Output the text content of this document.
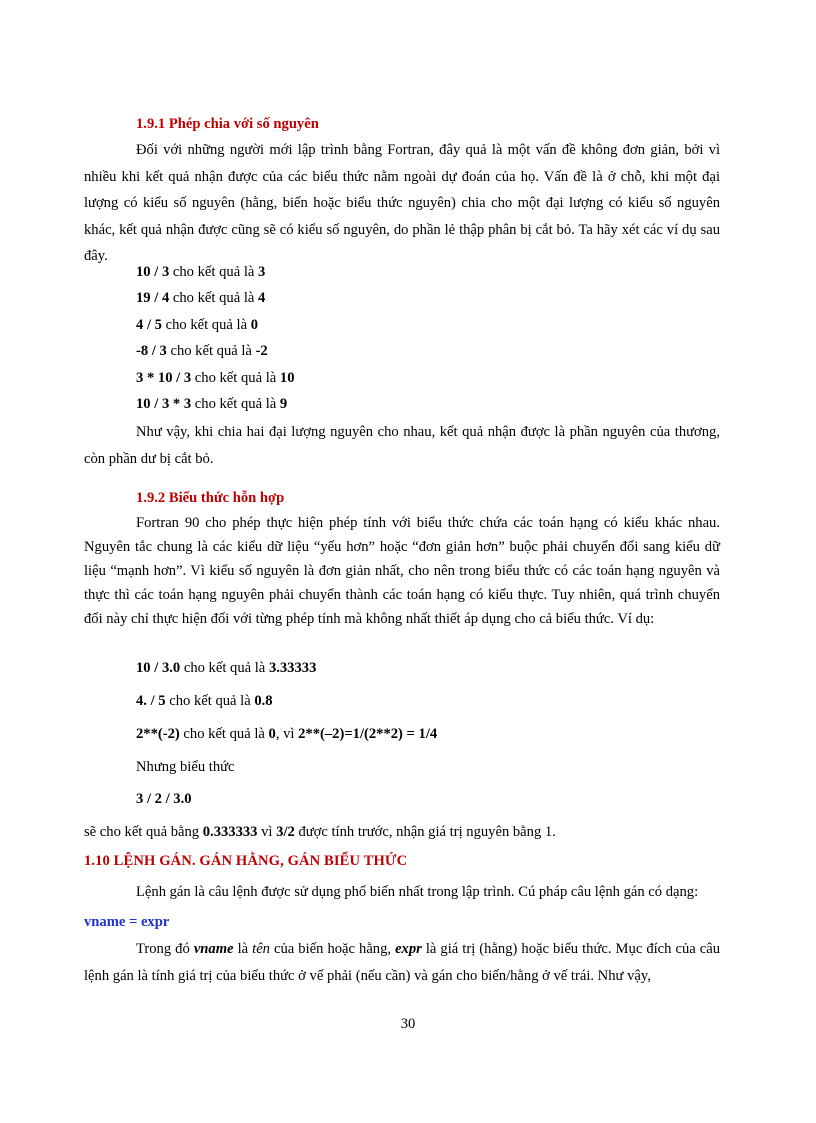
1.9.1 Phép chia với số nguyên

Đối với những người mới lập trình bằng Fortran, đây quả là một vấn đề không đơn giản, bởi vì nhiều khi kết quả nhận được của các biểu thức nằm ngoài dự đoán của họ. Vấn đề là ở chỗ, khi một đại lượng có kiểu số nguyên (hằng, biến hoặc biểu thức nguyên) chia cho một đại lượng có kiểu số nguyên khác, kết quả nhận được cũng sẽ có kiểu số nguyên, do phần lẻ thập phân bị cắt bỏ. Ta hãy xét các ví dụ sau đây.

10 / 3 cho kết quả là 3

19 / 4 cho kết quả là 4

4 / 5 cho kết quả là 0

-8 / 3 cho kết quả là -2

3 * 10 / 3 cho kết quả là 10

10 / 3 * 3 cho kết quả là 9

Như vậy, khi chia hai đại lượng nguyên cho nhau, kết quả nhận được là phần nguyên của thương, còn phần dư bị cắt bỏ.

1.9.2 Biểu thức hỗn hợp

Fortran 90 cho phép thực hiện phép tính với biểu thức chứa các toán hạng có kiểu khác nhau. Nguyên tắc chung là các kiểu dữ liệu “yếu hơn” hoặc “đơn giản hơn” buộc phải chuyển đổi sang kiểu dữ liệu “mạnh hơn”. Vì kiểu số nguyên là đơn giản nhất, cho nên trong biểu thức có các toán hạng nguyên và thực thì các toán hạng nguyên phải chuyển thành các toán hạng có kiểu thực. Tuy nhiên, quá trình chuyển đổi này chỉ thực hiện đối với từng phép tính mà không nhất thiết áp dụng cho cả biểu thức. Ví dụ:

10 / 3.0 cho kết quả là 3.33333

4. / 5 cho kết quả là 0.8

2**(-2) cho kết quả là 0, vì 2**(–2)=1/(2**2) = 1/4

Nhưng biểu thức

3 / 2 / 3.0

sẽ cho kết quả bằng 0.333333 vì 3/2 được tính trước, nhận giá trị nguyên bằng 1.

1.10 LỆNH GÁN. GÁN HẰNG, GÁN BIỂU THỨC

Lệnh gán là câu lệnh được sử dụng phổ biến nhất trong lập trình. Cú pháp câu lệnh gán có dạng:

vname = expr

Trong đó vname là tên của biến hoặc hằng, expr là giá trị (hằng) hoặc biểu thức. Mục đích của câu lệnh gán là tính giá trị của biểu thức ở vế phải (nếu cần) và gán cho biến/hằng ở vế trái. Như vậy,

30
